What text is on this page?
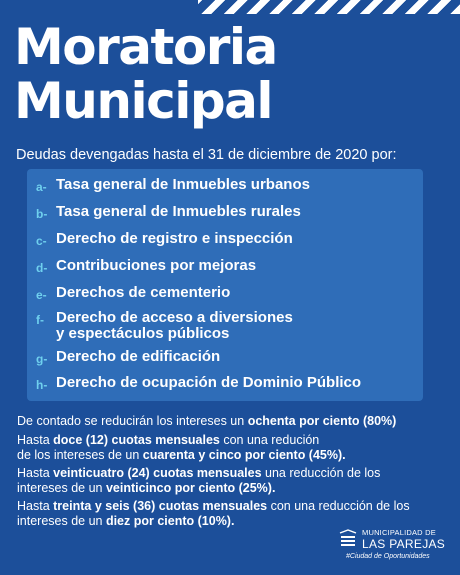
Moratoria
Municipal
Deudas devengadas hasta el 31 de diciembre de 2020 por:
a- Tasa general de Inmuebles urbanos
b- Tasa general de Inmuebles rurales
c- Derecho de registro e inspección
d- Contribuciones por mejoras
e- Derechos de cementerio
f- Derecho de acceso a diversiones
y espectáculos públicos
g- Derecho de edificación
h- Derecho de ocupación de Dominio Público
De contado se reducirán los intereses un ochenta por ciento (80%)
Hasta doce (12) cuotas mensuales con una redución
de los intereses de un cuarenta y cinco por ciento (45%).
Hasta veinticuatro (24) cuotas mensuales una reducción de los
intereses de un veinticinco por ciento (25%).
Hasta treinta y seis (36) cuotas mensuales con una reducción de los
intereses de un diez por ciento (10%).
MUNICIPALIDAD DE
LAS PAREJAS
#Ciudad de Oportunidades
